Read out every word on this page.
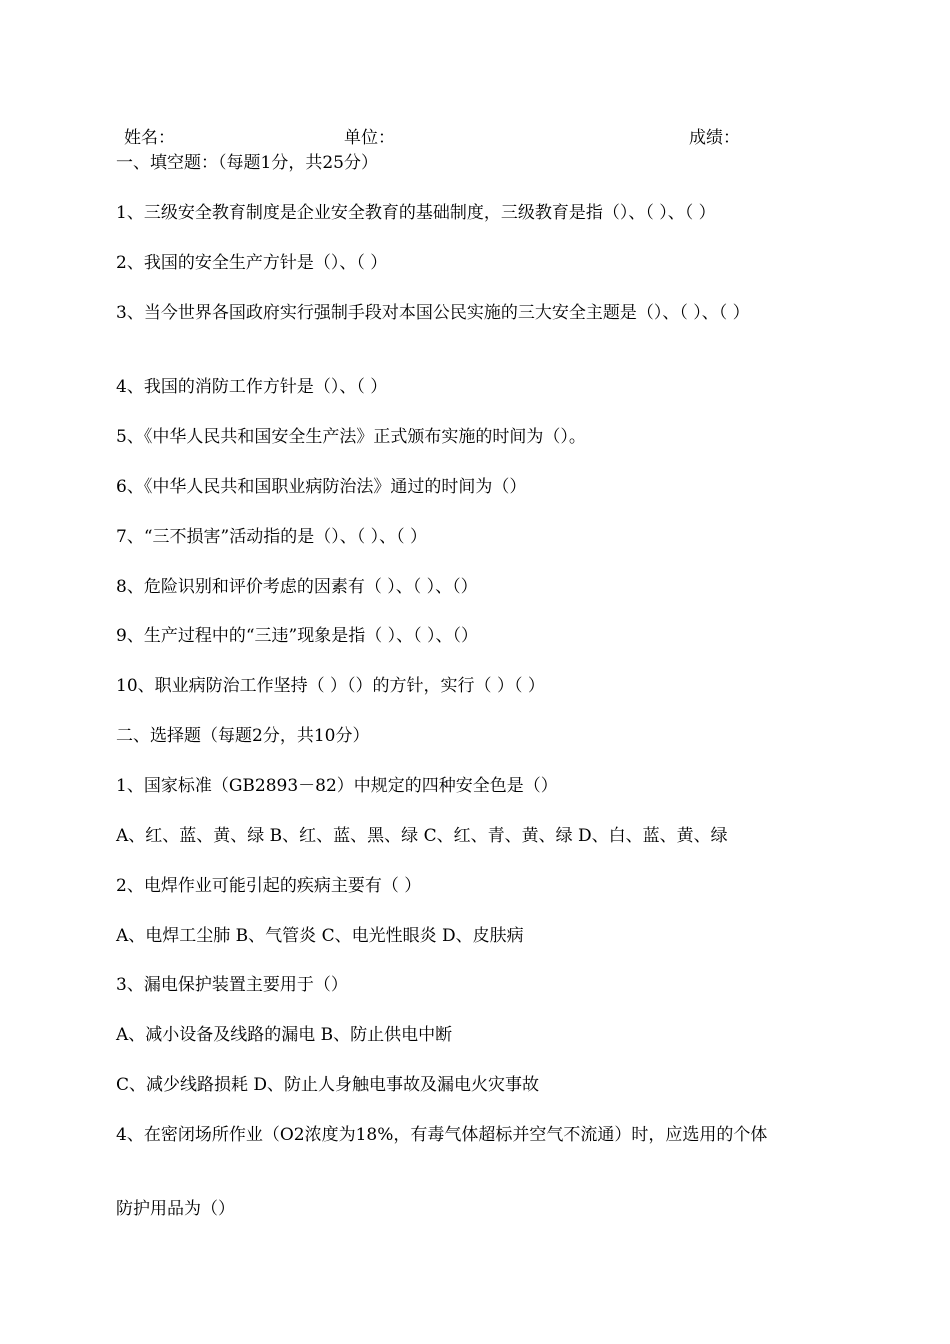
姓名：	单位：	成绩：
一、填空题：（每题1分，共25分）
1、三级安全教育制度是企业安全教育的基础制度，三级教育是指（）、（ ）、（ ）
2、我国的安全生产方针是（）、（ ）
3、当今世界各国政府实行强制手段对本国公民实施的三大安全主题是（）、（ ）、（ ）
4、我国的消防工作方针是（）、（ ）
5、《中华人民共和国安全生产法》正式颁布实施的时间为（）。
6、《中华人民共和国职业病防治法》通过的时间为（）
7、“三不损害”活动指的是（）、（ ）、（ ）
8、危险识别和评价考虑的因素有（ ）、（ ）、（）
9、生产过程中的“三违”现象是指（ ）、（ ）、（）
10、职业病防治工作坚持（ ）（）的方针，实行（ ）（ ）
二、选择题（每题2分，共10分）
1、国家标准（GB2893－82）中规定的四种安全色是（）
A、红、蓝、黄、绿 B、红、蓝、黑、绿 C、红、青、黄、绿 D、白、蓝、黄、绿
2、电焊作业可能引起的疾病主要有（ ）
A、电焊工尘肺 B、气管炎 C、电光性眼炎 D、皮肤病
3、漏电保护装置主要用于（）
A、减小设备及线路的漏电 B、防止供电中断
C、减少线路损耗 D、防止人身触电事故及漏电火灾事故
4、在密闭场所作业（O2浓度为18%，有毒气体超标并空气不流通）时，应选用的个体
防护用品为（）
